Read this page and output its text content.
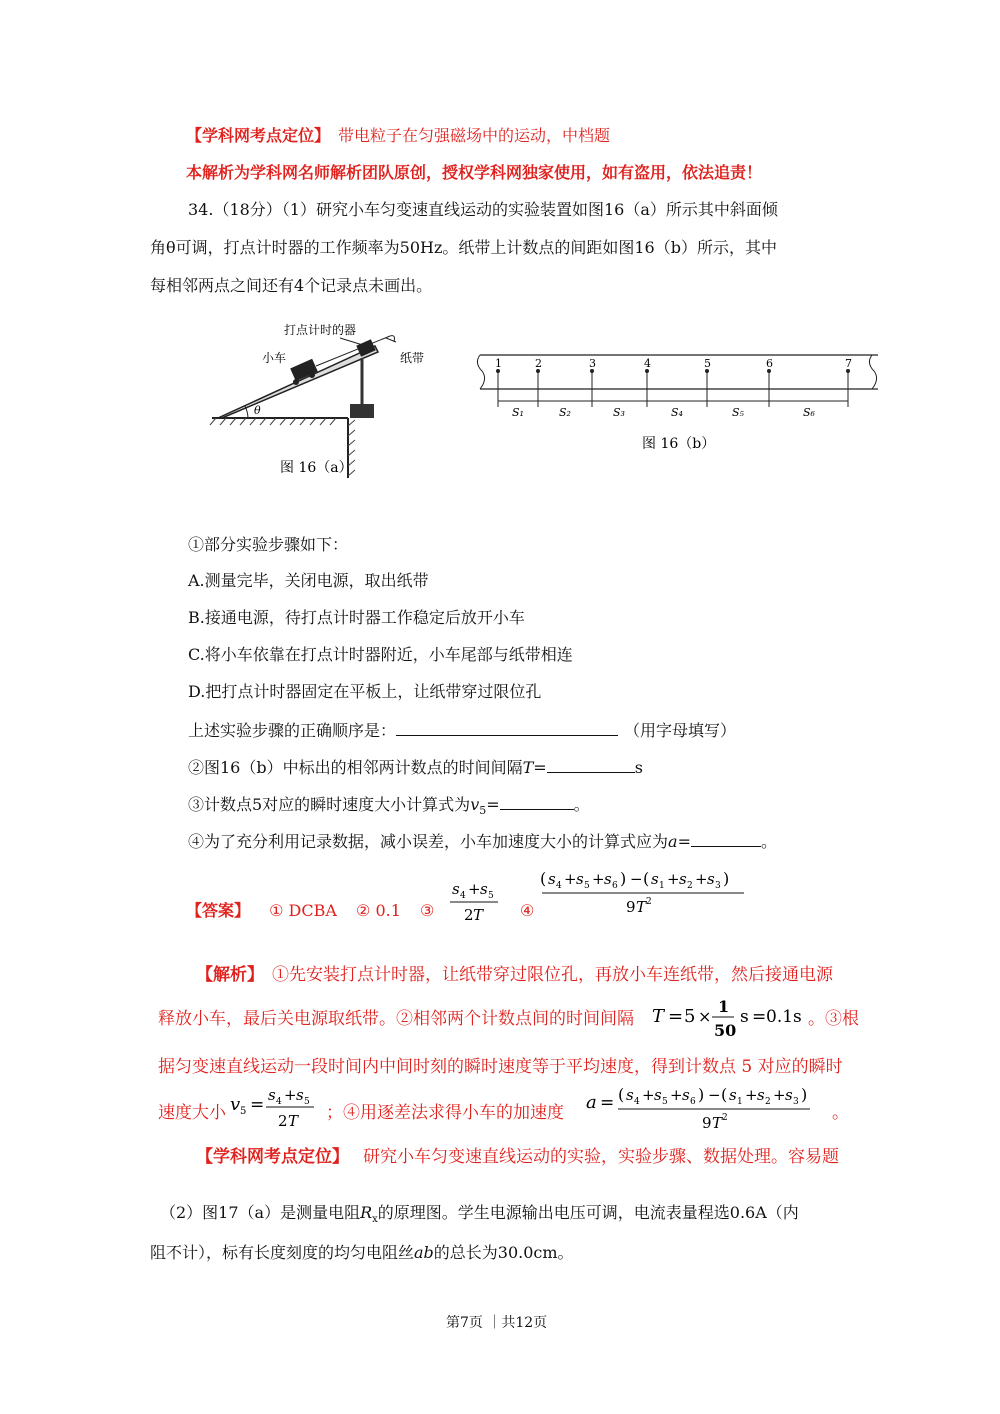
【学科网考点定位】 带电粒子在匀强磁场中的运动，中档题
本解析为学科网名师解析团队原创，授权学科网独家使用，如有盗用，依法追责！
34.（18分）（1）研究小车匀变速直线运动的实验装置如图16（a）所示其中斜面倾
角θ可调，打点计时器的工作频率为50Hz。纸带上计数点的间距如图16（b）所示，其中
每相邻两点之间还有4个记录点未画出。
打点计时的器
小车	纸带
θ
图 16（a）
1	2	3	4	5	6	7
S₁	S₂	S₃	S₄	S₅	S₆
图 16（b）
①部分实验步骤如下：
A.测量完毕，关闭电源，取出纸带
B.接通电源，待打点计时器工作稳定后放开小车
C.将小车依靠在打点计时器附近，小车尾部与纸带相连
D.把打点计时器固定在平板上，让纸带穿过限位孔
上述实验步骤的正确顺序是：	（用字母填写）
②图16（b）中标出的相邻两计数点的时间间隔T=	s
③计数点5对应的瞬时速度大小计算式为$v_5=$	。
④为了充分利用记录数据，减小误差，小车加速度大小的计算式应为a=	。
【答案】 ① DCBA ② 0.1 ③	④
s 4 + s 5
2 T
( s 4 + s 5 + s 6 ) − ( s 1 + s 2 + s 3 )
9 T 2
【解析】 ①先安装打点计时器，让纸带穿过限位孔，再放小车连纸带，然后接通电源
释放小车，最后关电源取纸带。②相邻两个计数点间的时间间隔 T = 5 ×
1
50
s = 0.1s 。③根
据匀变速直线运动一段时间内中间时刻的瞬时速度等于平均速度，得到计数点 5 对应的瞬时
速度大小 v 5 = s 4 + s 5
2 T ；④用逐差法求得小车的加速度 a = ( s 4 + s 5 + s 6 ) − ( s 1 + s 2 + s 3 )
9 T 2	。
【学科网考点定位】 研究小车匀变速直线运动的实验，实验步骤、数据处理。容易题
（2）图17（a）是测量电阻$R_x$的原理图。学生电源输出电压可调，电流表量程选0.6A（内
阻不计），标有长度刻度的均匀电阻丝ab的总长为30.0cm。
第7页 ｜共12页
